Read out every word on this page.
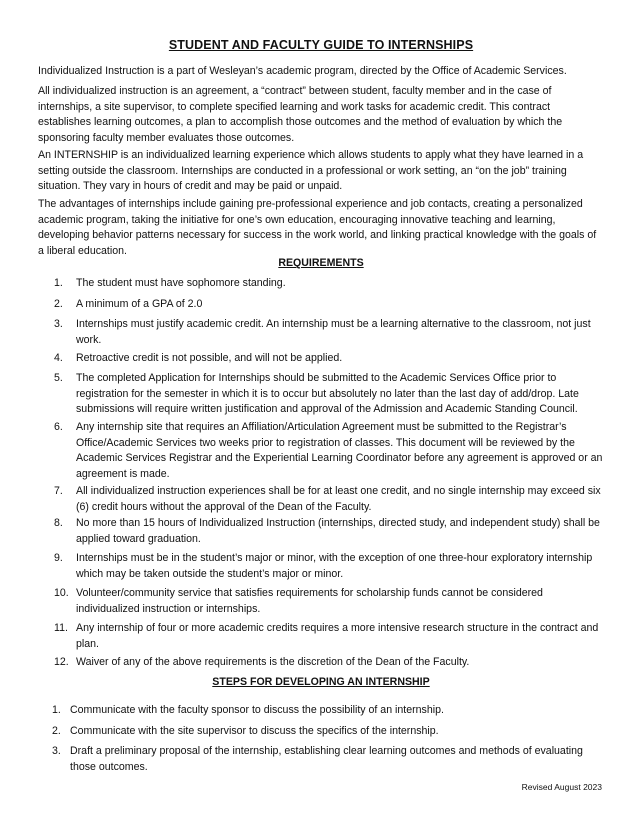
STUDENT AND FACULTY GUIDE TO INTERNSHIPS

Individualized Instruction is a part of Wesleyan’s academic program, directed by the Office of Academic Services.

All individualized instruction is an agreement, a “contract” between student, faculty member and in the case of internships, a site supervisor, to complete specified learning and work tasks for academic credit. This contract establishes learning outcomes, a plan to accomplish those outcomes and the method of evaluation by which the sponsoring faculty member evaluates those outcomes.

An INTERNSHIP is an individualized learning experience which allows students to apply what they have learned in a setting outside the classroom. Internships are conducted in a professional or work setting, an “on the job” training situation. They vary in hours of credit and may be paid or unpaid.

The advantages of internships include gaining pre-professional experience and job contacts, creating a personalized academic program, taking the initiative for one’s own education, encouraging innovative teaching and learning, developing behavior patterns necessary for success in the work world, and linking practical knowledge with the goals of a liberal education.

REQUIREMENTS
1.	The student must have sophomore standing.
2.	A minimum of a GPA of 2.0
3.	Internships must justify academic credit. An internship must be a learning alternative to the classroom, not just work.
4.	Retroactive credit is not possible, and will not be applied.
5.	The completed Application for Internships should be submitted to the Academic Services Office prior to registration for the semester in which it is to occur but absolutely no later than the last day of add/drop. Late submissions will require written justification and approval of the Admission and Academic Standing Council.
6.	Any internship site that requires an Affiliation/Articulation Agreement must be submitted to the Registrar’s Office/Academic Services two weeks prior to registration of classes. This document will be reviewed by the Academic Services Registrar and the Experiential Learning Coordinator before any agreement is approved or an agreement is made.
7.	All individualized instruction experiences shall be for at least one credit, and no single internship may exceed six (6) credit hours without the approval of the Dean of the Faculty.
8.	No more than 15 hours of Individualized Instruction (internships, directed study, and independent study) shall be applied toward graduation.
9.	Internships must be in the student’s major or minor, with the exception of one three-hour exploratory internship which may be taken outside the student’s major or minor.
10. Volunteer/community service that satisfies requirements for scholarship funds cannot be considered individualized instruction or internships.
11. Any internship of four or more academic credits requires a more intensive research structure in the contract and plan.
12. Waiver of any of the above requirements is the discretion of the Dean of the Faculty.
STEPS FOR DEVELOPING AN INTERNSHIP
1. Communicate with the faculty sponsor to discuss the possibility of an internship.
2. Communicate with the site supervisor to discuss the specifics of the internship.
3. Draft a preliminary proposal of the internship, establishing clear learning outcomes and methods of evaluating those outcomes.
Revised August 2023
